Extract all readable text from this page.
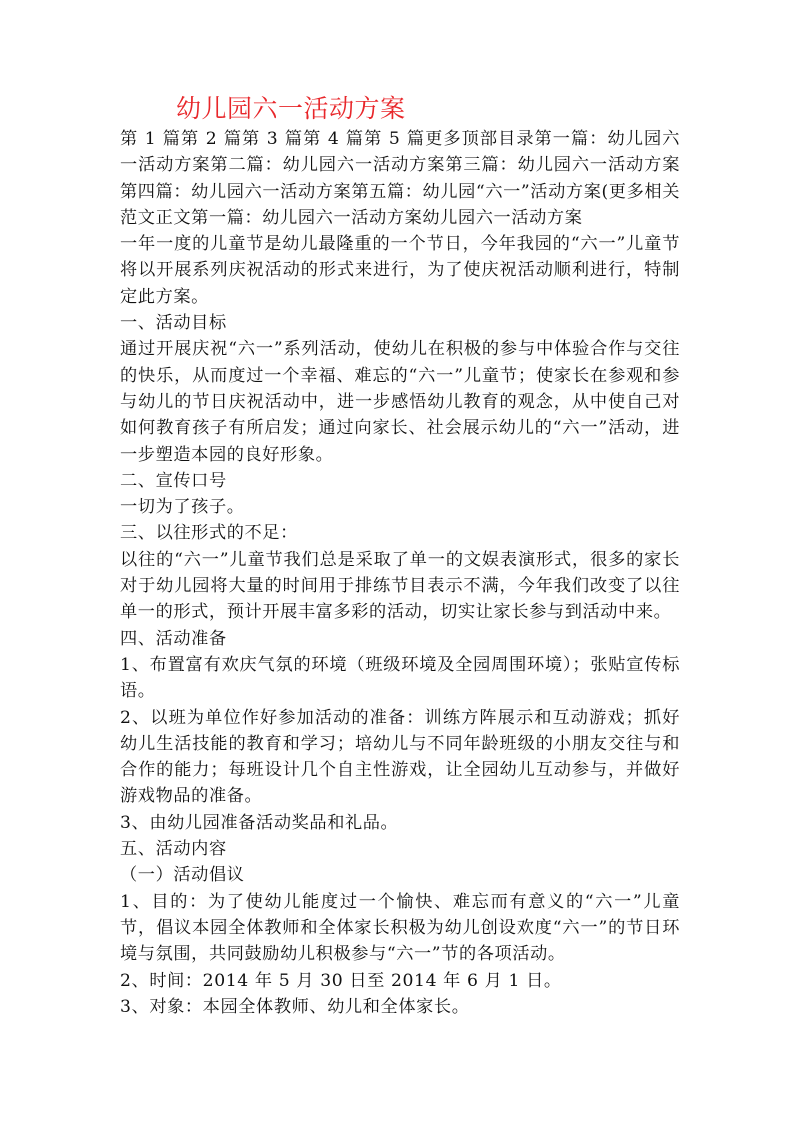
幼儿园六一活动方案

第 1 篇第 2 篇第 3 篇第 4 篇第 5 篇更多顶部目录第一篇：幼儿园六一活动方案第二篇：幼儿园六一活动方案第三篇：幼儿园六一活动方案第四篇：幼儿园六一活动方案第五篇：幼儿园“六一”活动方案(更多相关范文正文第一篇：幼儿园六一活动方案幼儿园六一活动方案

一年一度的儿童节是幼儿最隆重的一个节日，今年我园的“六一”儿童节将以开展系列庆祝活动的形式来进行，为了使庆祝活动顺利进行，特制定此方案。

一、活动目标

通过开展庆祝“六一”系列活动，使幼儿在积极的参与中体验合作与交往的快乐，从而度过一个幸福、难忘的“六一”儿童节；使家长在参观和参与幼儿的节日庆祝活动中，进一步感悟幼儿教育的观念，从中使自己对如何教育孩子有所启发；通过向家长、社会展示幼儿的“六一”活动，进一步塑造本园的良好形象。

二、宣传口号

一切为了孩子。

三、以往形式的不足：

以往的“六一”儿童节我们总是采取了单一的文娱表演形式，很多的家长对于幼儿园将大量的时间用于排练节目表示不满，今年我们改变了以往单一的形式，预计开展丰富多彩的活动，切实让家长参与到活动中来。

四、活动准备

1、布置富有欢庆气氛的环境（班级环境及全园周围环境）；张贴宣传标语。

2、以班为单位作好参加活动的准备：训练方阵展示和互动游戏；抓好幼儿生活技能的教育和学习；培幼儿与不同年龄班级的小朋友交往与和合作的能力；每班设计几个自主性游戏，让全园幼儿互动参与，并做好游戏物品的准备。

3、由幼儿园准备活动奖品和礼品。

五、活动内容

（一）活动倡议

1、目的：为了使幼儿能度过一个愉快、难忘而有意义的“六一”儿童节，倡议本园全体教师和全体家长积极为幼儿创设欢度“六一”的节日环境与氛围，共同鼓励幼儿积极参与“六一”节的各项活动。

2、时间：2014 年 5 月 30 日至 2014 年 6 月 1 日。

3、对象：本园全体教师、幼儿和全体家长。
